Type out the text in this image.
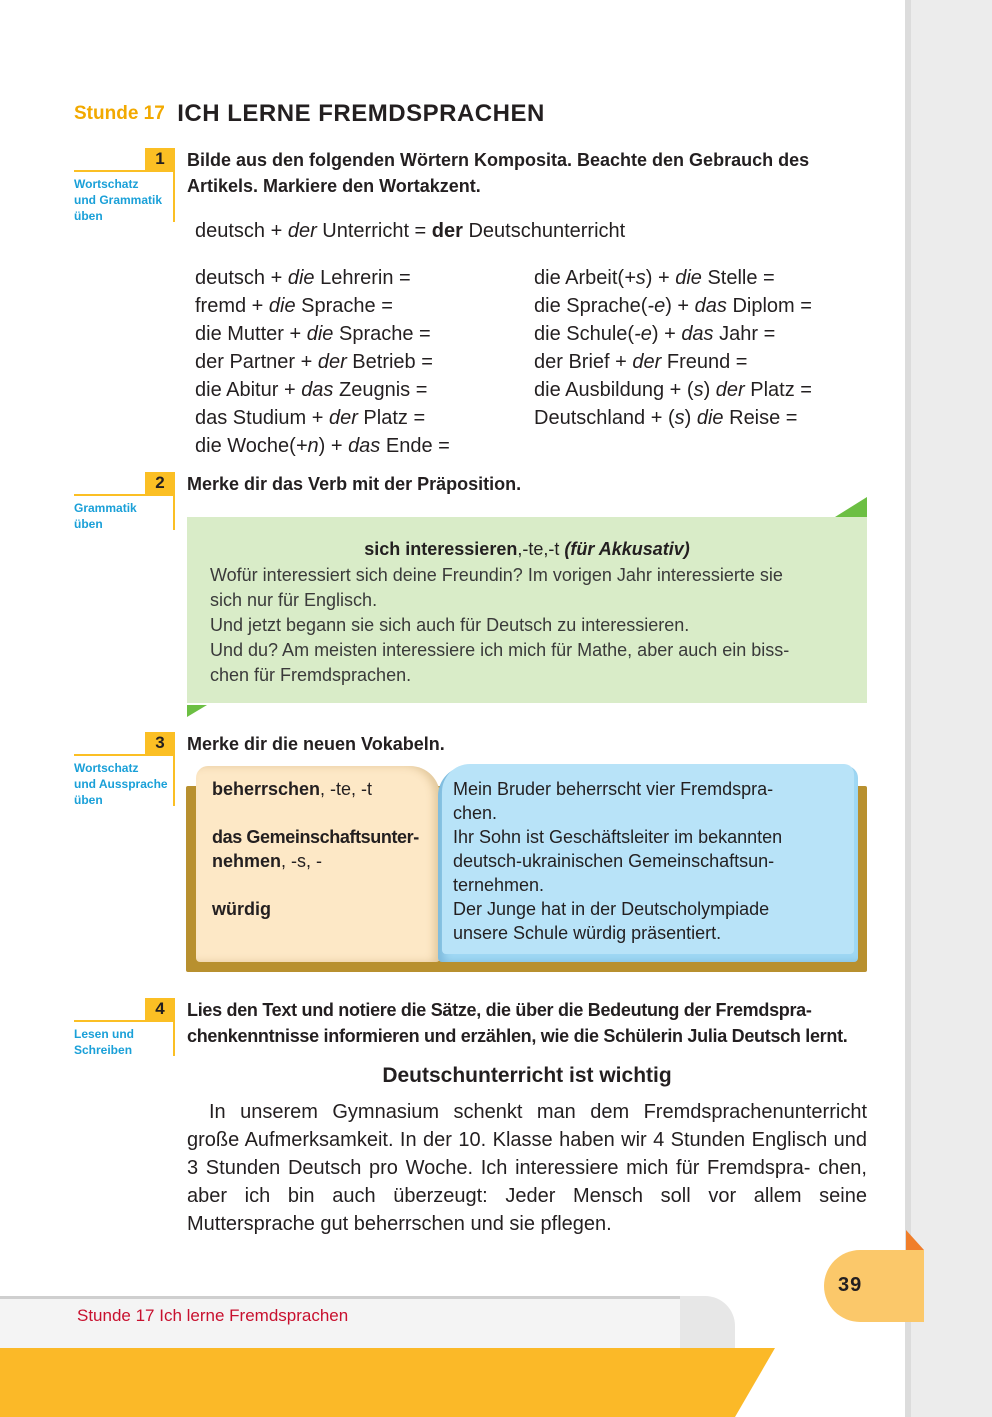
Stunde 17 ICH LERNE FREMDSPRACHEN
1
Wortschatz
und Grammatik
üben
Bilde aus den folgenden Wörtern Komposita. Beachte den Gebrauch des Artikels. Markiere den Wortakzent.
deutsch + der Unterricht = der Deutschunterricht
deutsch + die Lehrerin =
fremd + die Sprache =
die Mutter + die Sprache =
der Partner + der Betrieb =
die Abitur + das Zeugnis =
das Studium + der Platz =
die Woche(+n) + das Ende =
die Arbeit(+s) + die Stelle =
die Sprache(-e) + das Diplom =
die Schule(-e) + das Jahr =
der Brief + der Freund =
die Ausbildung + (s) der Platz =
Deutschland + (s) die Reise =
2
Grammatik
üben
Merke dir das Verb mit der Präposition.
sich interessieren,-te,-t (für Akkusativ)
Wofür interessiert sich deine Freundin? Im vorigen Jahr interessierte sie
sich nur für Englisch.
Und jetzt begann sie sich auch für Deutsch zu interessieren.
Und du? Am meisten interessiere ich mich für Mathe, aber auch ein biss-
chen für Fremdsprachen.
3
Wortschatz
und Aussprache
üben
Merke dir die neuen Vokabeln.
beherrschen, -te, -t
das Gemeinschaftsunter-
nehmen, -s, -
würdig
Mein Bruder beherrscht vier Fremdspra-
chen.
Ihr Sohn ist Geschäftsleiter im bekannten
deutsch-ukrainischen Gemeinschaftsun-
ternehmen.
Der Junge hat in der Deutscholympiade
unsere Schule würdig präsentiert.
4
Lesen und
Schreiben
Lies den Text und notiere die Sätze, die über die Bedeutung der Fremdspra- chenkenntnisse informieren und erzählen, wie die Schülerin Julia Deutsch lernt.
Deutschunterricht ist wichtig
In unserem Gymnasium schenkt man dem Fremdsprachenunterricht große Aufmerksamkeit. In der 10. Klasse haben wir 4 Stunden Englisch und 3 Stunden Deutsch pro Woche. Ich interessiere mich für Fremdspra- chen, aber ich bin auch überzeugt: Jeder Mensch soll vor allem seine Muttersprache gut beherrschen und sie pflegen.
39
Stunde 17 Ich lerne Fremdsprachen
